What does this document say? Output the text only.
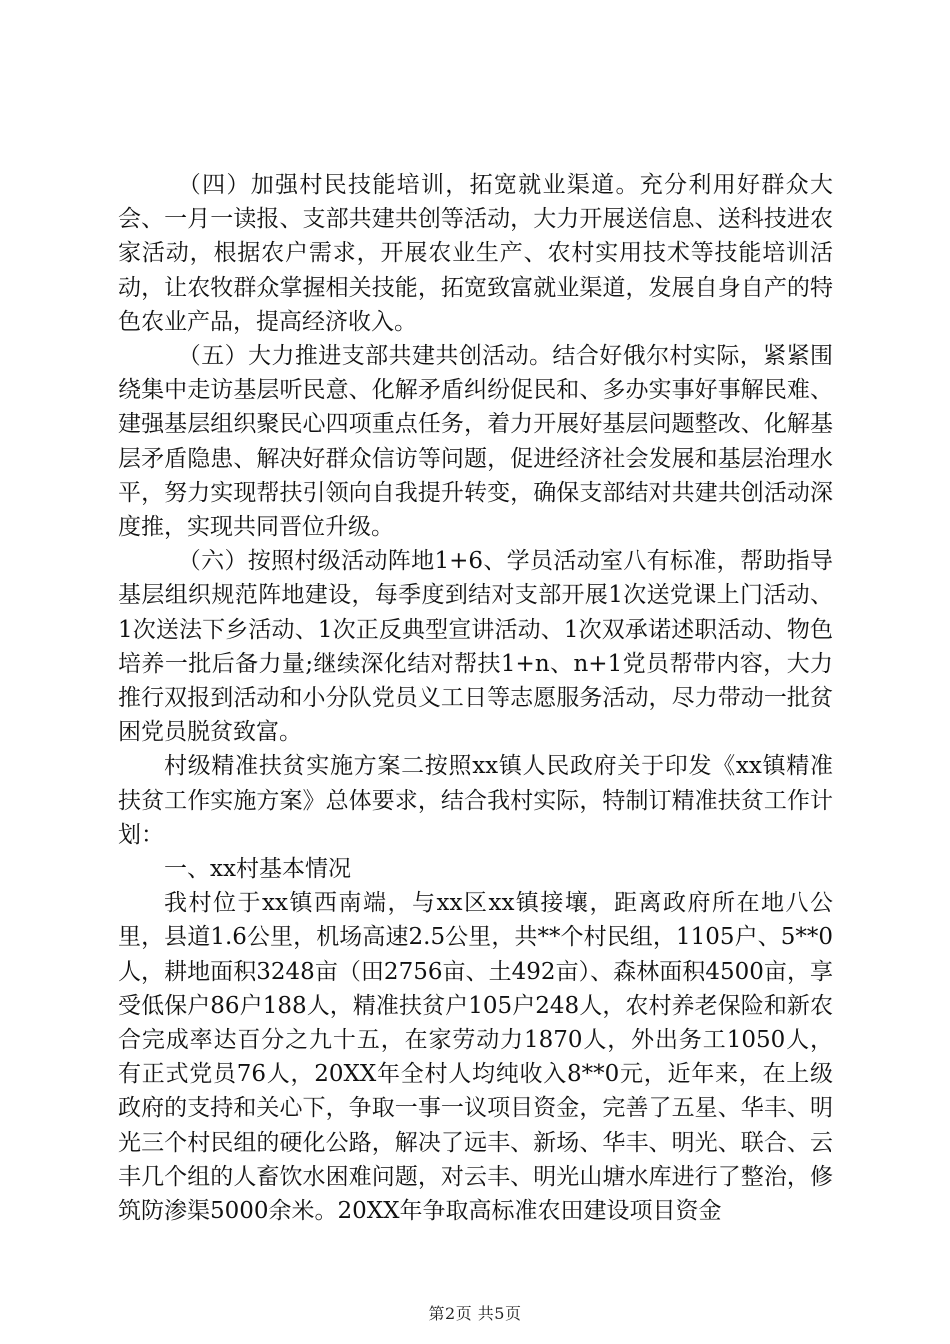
（四）加强村民技能培训，拓宽就业渠道。充分利用好群众大会、一月一读报、支部共建共创等活动，大力开展送信息、送科技进农家活动，根据农户需求，开展农业生产、农村实用技术等技能培训活动，让农牧群众掌握相关技能，拓宽致富就业渠道，发展自身自产的特色农业产品，提高经济收入。

（五）大力推进支部共建共创活动。结合好俄尔村实际，紧紧围绕集中走访基层听民意、化解矛盾纠纷促民和、多办实事好事解民难、建强基层组织聚民心四项重点任务，着力开展好基层问题整改、化解基层矛盾隐患、解决好群众信访等问题，促进经济社会发展和基层治理水平，努力实现帮扶引领向自我提升转变，确保支部结对共建共创活动深度推，实现共同晋位升级。

（六）按照村级活动阵地1+6、学员活动室八有标准，帮助指导基层组织规范阵地建设，每季度到结对支部开展1次送党课上门活动、1次送法下乡活动、1次正反典型宣讲活动、1次双承诺述职活动、物色培养一批后备力量;继续深化结对帮扶1+n、n+1党员帮带内容，大力推行双报到活动和小分队党员义工日等志愿服务活动，尽力带动一批贫困党员脱贫致富。

村级精准扶贫实施方案二按照xx镇人民政府关于印发《xx镇精准扶贫工作实施方案》总体要求，结合我村实际，特制订精准扶贫工作计划：

一、xx村基本情况

我村位于xx镇西南端，与xx区xx镇接壤，距离政府所在地八公里，县道1.6公里，机场高速2.5公里，共**个村民组，1105户、5**0人，耕地面积3248亩（田2756亩、土492亩）、森林面积4500亩，享受低保户86户188人，精准扶贫户105户248人，农村养老保险和新农合完成率达百分之九十五，在家劳动力1870人，外出务工1050人，有正式党员76人，20XX年全村人均纯收入8**0元，近年来，在上级政府的支持和关心下，争取一事一议项目资金，完善了五星、华丰、明光三个村民组的硬化公路，解决了远丰、新场、华丰、明光、联合、云丰几个组的人畜饮水困难问题，对云丰、明光山塘水库进行了整治，修筑防渗渠5000余米。20XX年争取高标准农田建设项目资金

第2页 共5页
